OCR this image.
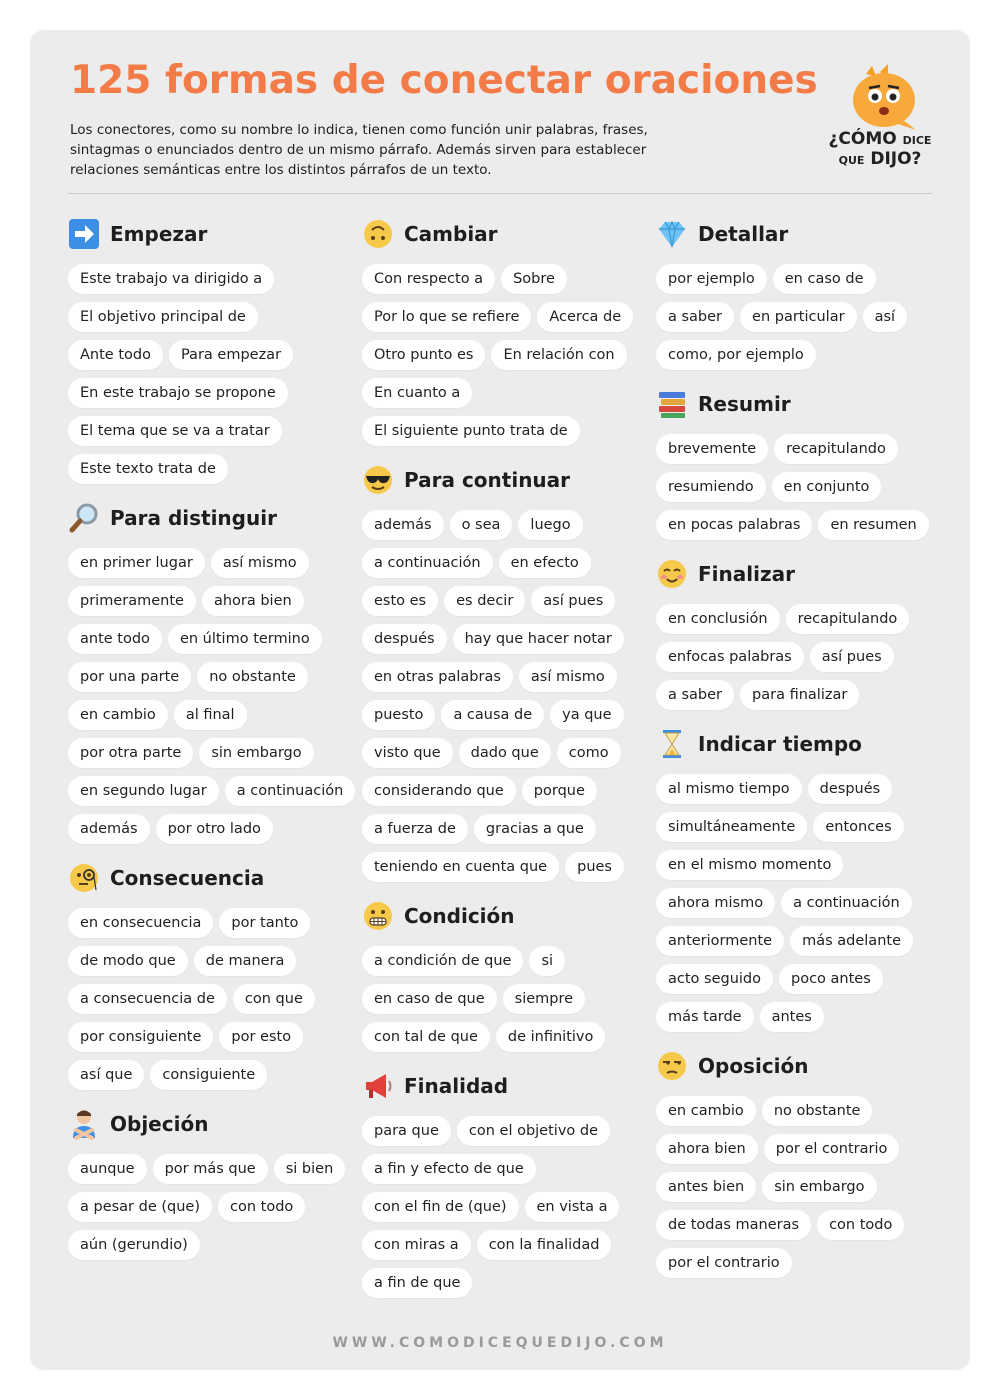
125 formas de conectar oraciones

Los conectores, como su nombre lo indica, tienen como función unir palabras, frases, sintagmas o enunciados dentro de un mismo párrafo. Además sirven para establecer relaciones semánticas entre los distintos párrafos de un texto.

¿CÓMO DICE
QUE DIJO?
Empezar
Este trabajo va dirigido a
El objetivo principal de
Ante todo	Para empezar
En este trabajo se propone
El tema que se va a tratar
Este texto trata de
Para distinguir
en primer lugar	así mismo
primeramente	ahora bien
ante todo	en último termino
por una parte	no obstante
en cambio	al final
por otra parte	sin embargo
en segundo lugar	a continuación
además	por otro lado
Consecuencia
en consecuencia	por tanto
de modo que	de manera
a consecuencia de	con que
por consiguiente	por esto
así que	consiguiente
Objeción
aunque	por más que	si bien
a pesar de (que)	con todo
aún (gerundio)
Cambiar
Con respecto a	Sobre
Por lo que se refiere	Acerca de
Otro punto es	En relación con
En cuanto a
El siguiente punto trata de
Para continuar
además	o sea	luego
a continuación	en efecto
esto es	es decir	así pues
después	hay que hacer notar
en otras palabras	así mismo
puesto	a causa de	ya que
visto que	dado que	como
considerando que	porque
a fuerza de	gracias a que
teniendo en cuenta que	pues
Condición
a condición de que	si
en caso de que	siempre
con tal de que	de infinitivo
Finalidad
para que	con el objetivo de
a fin y efecto de que
con el fin de (que)	en vista a
con miras a	con la finalidad
a fin de que
Detallar
por ejemplo	en caso de
a saber	en particular	así
como, por ejemplo
Resumir
brevemente	recapitulando
resumiendo	en conjunto
en pocas palabras	en resumen
Finalizar
en conclusión	recapitulando
enfocas palabras	así pues
a saber	para finalizar
Indicar tiempo
al mismo tiempo	después
simultáneamente	entonces
en el mismo momento
ahora mismo	a continuación
anteriormente	más adelante
acto seguido	poco antes
más tarde	antes
Oposición
en cambio	no obstante
ahora bien	por el contrario
antes bien	sin embargo
de todas maneras	con todo
por el contrario
WWW.COMODICEQUEDIJO.COM
